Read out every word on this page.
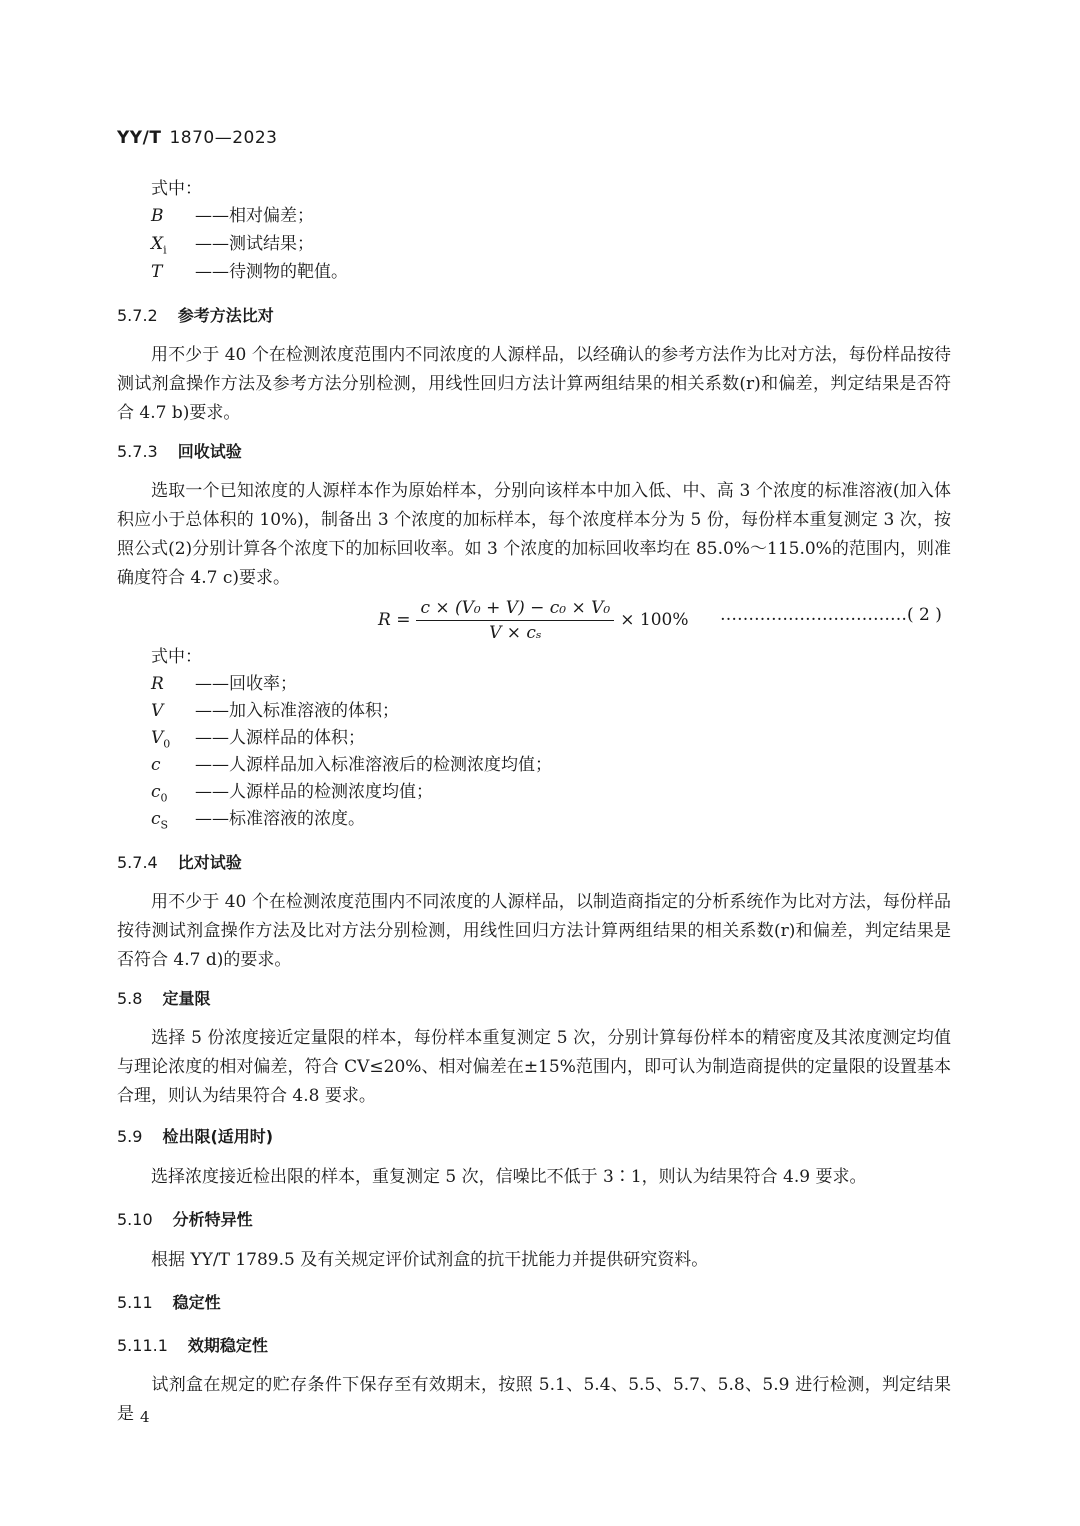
YY/T 1870—2023
式中：
B ——相对偏差；
$X_i$ ——测试结果；
T ——待测物的靶值。
5.7.2 参考方法比对
用不少于 40 个在检测浓度范围内不同浓度的人源样品，以经确认的参考方法作为比对方法，每份样品按待测试剂盒操作方法及参考方法分别检测，用线性回归方法计算两组结果的相关系数(r)和偏差，判定结果是否符合 4.7 b)要求。
5.7.3 回收试验
选取一个已知浓度的人源样本作为原始样本，分别向该样本中加入低、中、高 3 个浓度的标准溶液(加入体积应小于总体积的 10%)，制备出 3 个浓度的加标样本，每个浓度样本分为 5 份，每份样本重复测定 3 次，按照公式(2)分别计算各个浓度下的加标回收率。如 3 个浓度的加标回收率均在 85.0%～115.0%的范围内，则准确度符合 4.7 c)要求。
$R = \frac{\text{c × (V₀ + V) − c₀ × V₀}}{\text{V × cₛ}} \times 100\%$ ……………………………( 2 )
式中：
R ——回收率；
V ——加入标准溶液的体积；
$V_0$ ——人源样品的体积；
c ——人源样品加入标准溶液后的检测浓度均值；
$c_0$ ——人源样品的检测浓度均值；
$c_S$ ——标准溶液的浓度。
5.7.4 比对试验
用不少于 40 个在检测浓度范围内不同浓度的人源样品，以制造商指定的分析系统作为比对方法，每份样品按待测试剂盒操作方法及比对方法分别检测，用线性回归方法计算两组结果的相关系数(r)和偏差，判定结果是否符合 4.7 d)的要求。
5.8 定量限
选择 5 份浓度接近定量限的样本，每份样本重复测定 5 次，分别计算每份样本的精密度及其浓度测定均值与理论浓度的相对偏差，符合 CV≤20%、相对偏差在±15%范围内，即可认为制造商提供的定量限的设置基本合理，则认为结果符合 4.8 要求。
5.9 检出限(适用时)
选择浓度接近检出限的样本，重复测定 5 次，信噪比不低于 3∶1，则认为结果符合 4.9 要求。
5.10 分析特异性
根据 YY/T 1789.5 及有关规定评价试剂盒的抗干扰能力并提供研究资料。
5.11 稳定性
5.11.1 效期稳定性
试剂盒在规定的贮存条件下保存至有效期末，按照 5.1、5.4、5.5、5.7、5.8、5.9 进行检测，判定结果是 4
